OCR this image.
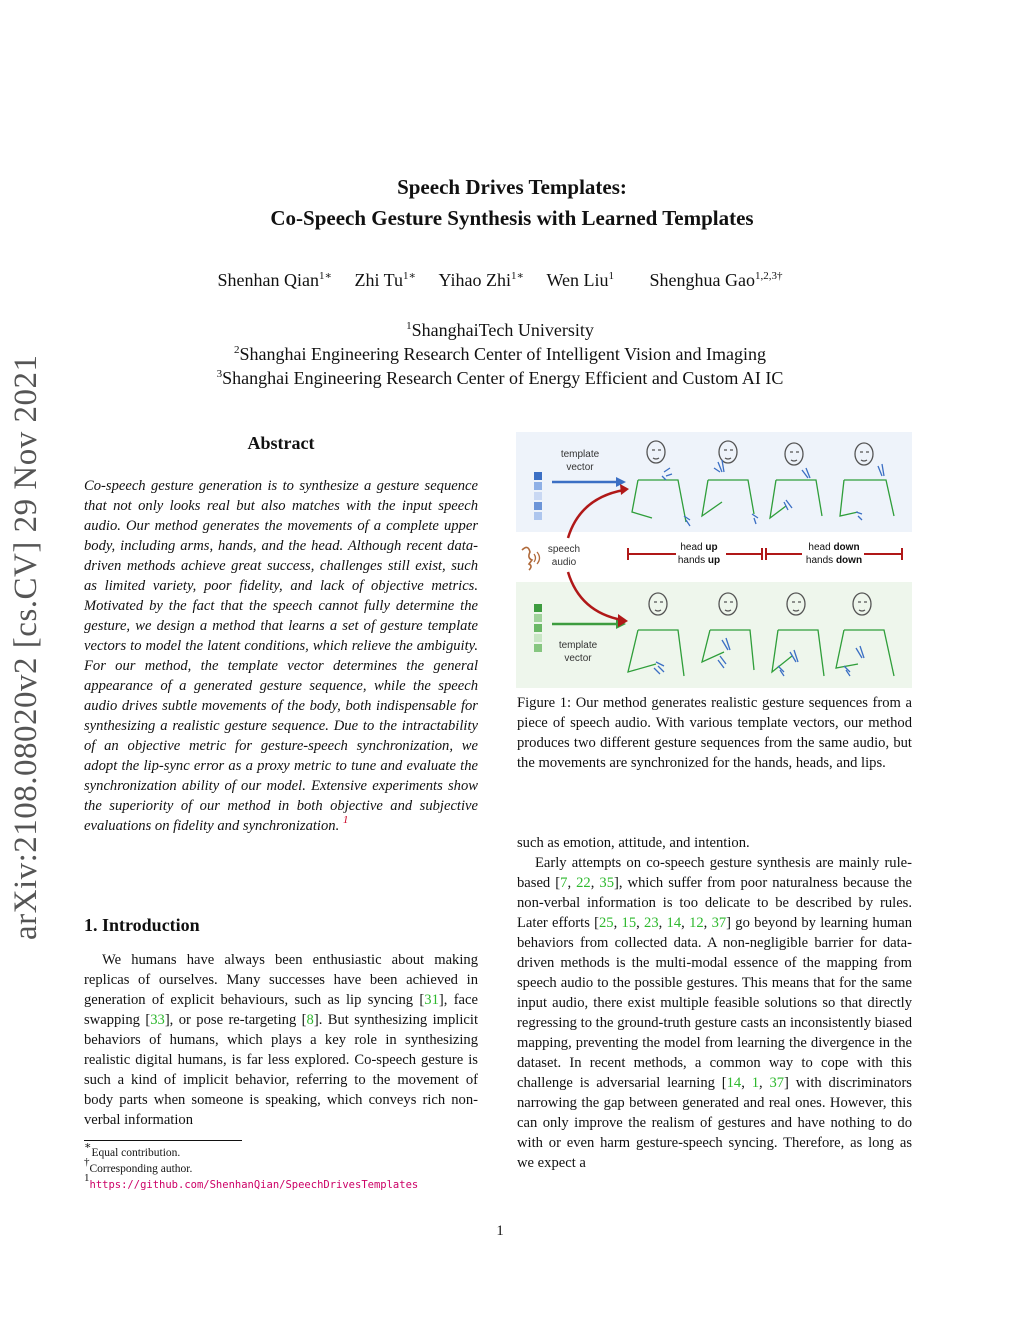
arXiv:2108.08020v2 [cs.CV] 29 Nov 2021
Speech Drives Templates:
Co-Speech Gesture Synthesis with Learned Templates
Shenhan Qian$^{1∗}$ Zhi $Tu^{1∗}$ Yihao Zhi$^{1∗}$ Wen Liu$^1$ Shenghua Gao$^{1,2,3\dagger}$
$^1$ShanghaiTech University
$^2$Shanghai Engineering Research Center of Intelligent Vision and Imaging
$^3$Shanghai Engineering Research Center of Energy Efficient and Custom AI IC
Abstract
Co-speech gesture generation is to synthesize a gesture sequence that not only looks real but also matches with the input speech audio. Our method generates the movements of a complete upper body, including arms, hands, and the head. Although recent data-driven methods achieve great success, challenges still exist, such as limited variety, poor fidelity, and lack of objective metrics. Motivated by the fact that the speech cannot fully determine the gesture, we design a method that learns a set of gesture template vectors to model the latent conditions, which relieve the ambiguity. For our method, the template vector determines the general appearance of a generated gesture sequence, while the speech audio drives subtle movements of the body, both indispensable for synthesizing a realistic gesture sequence. Due to the intractability of an objective metric for gesture-speech synchronization, we adopt the lip-sync error as a proxy metric to tune and evaluate the synchronization ability of our model. Extensive experiments show the superiority of our method in both objective and subjective evaluations on fidelity and synchronization. $^1$
1. Introduction
We humans have always been enthusiastic about making replicas of ourselves. Many successes have been achieved in generation of explicit behaviours, such as lip syncing [31], face swapping [33], or pose re-targeting [8]. But synthesizing implicit behaviors of humans, which plays a key role in synthesizing realistic digital humans, is far less explored. Co-speech gesture is such a kind of implicit behavior, referring to the movement of body parts when someone is speaking, which conveys rich non-verbal information
∗Equal contribution.
†Corresponding author.
$^1$https://github.com/ShenhanQian/SpeechDrivesTemplates
template
vector
template
vector
speech
audio
head up
hands up
head down
hands down
Figure 1: Our method generates realistic gesture sequences from a piece of speech audio. With various template vectors, our method produces two different gesture sequences from the same audio, but the movements are synchronized for the hands, heads, and lips.
such as emotion, attitude, and intention.
Early attempts on co-speech gesture synthesis are mainly rule-based [7, 22, 35], which suffer from poor naturalness because the non-verbal information is too delicate to be described by rules. Later efforts [25, 15, 23, 14, 12, 37] go beyond by learning human behaviors from collected data. A non-negligible barrier for data-driven methods is the multi-modal essence of the mapping from speech audio to the possible gestures. This means that for the same input audio, there exist multiple feasible solutions so that directly regressing to the ground-truth gesture casts an inconsistently biased mapping, preventing the model from learning the divergence in the dataset. In recent methods, a common way to cope with this challenge is adversarial learning [14, 1, 37] with discriminators narrowing the gap between generated and real ones. However, this can only improve the realism of gestures and have nothing to do with or even harm gesture-speech syncing. Therefore, as long as we expect a
1
